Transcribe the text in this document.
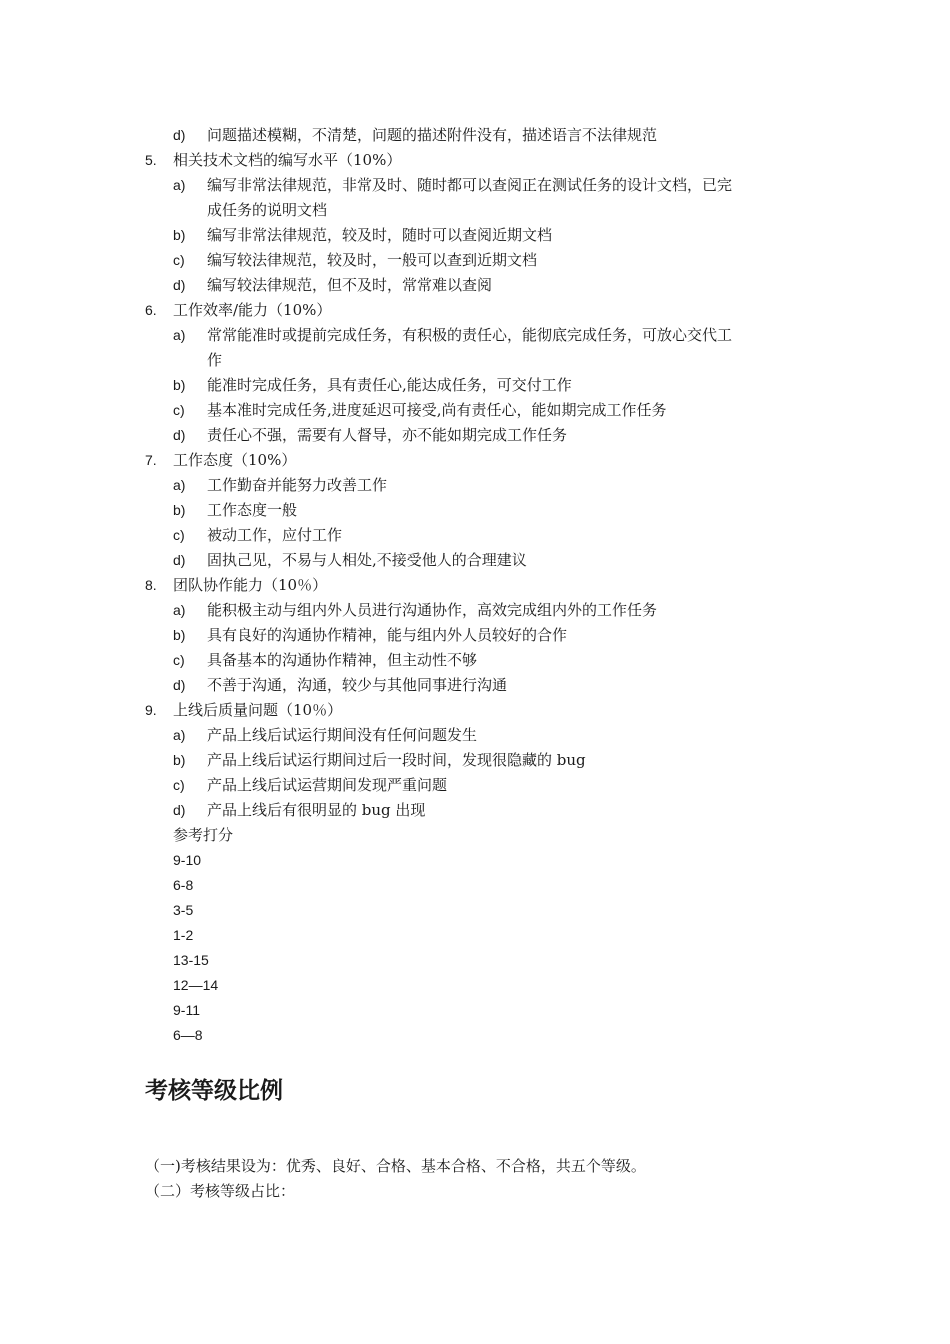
d) 问题描述模糊，不清楚，问题的描述附件没有，描述语言不法律规范
5. 相关技术文档的编写水平（10%）
a) 编写非常法律规范，非常及时、随时都可以查阅正在测试任务的设计文档，已完
成任务的说明文档
b) 编写非常法律规范，较及时，随时可以查阅近期文档
c) 编写较法律规范，较及时，一般可以查到近期文档
d) 编写较法律规范，但不及时，常常难以查阅
6. 工作效率/能力（10%）
a) 常常能准时或提前完成任务，有积极的责任心，能彻底完成任务，可放心交代工
作
b) 能准时完成任务，具有责任心,能达成任务，可交付工作
c) 基本准时完成任务,进度延迟可接受,尚有责任心，能如期完成工作任务
d) 责任心不强，需要有人督导，亦不能如期完成工作任务
7. 工作态度（10%）
a) 工作勤奋并能努力改善工作
b) 工作态度一般
c) 被动工作，应付工作
d) 固执己见，不易与人相处,不接受他人的合理建议
8. 团队协作能力（10％）
a) 能积极主动与组内外人员进行沟通协作，高效完成组内外的工作任务
b) 具有良好的沟通协作精神，能与组内外人员较好的合作
c) 具备基本的沟通协作精神，但主动性不够
d) 不善于沟通，沟通，较少与其他同事进行沟通
9. 上线后质量问题（10％）
a) 产品上线后试运行期间没有任何问题发生
b) 产品上线后试运行期间过后一段时间，发现很隐藏的 bug
c) 产品上线后试运营期间发现严重问题
d) 产品上线后有很明显的 bug 出现
参考打分
9-10
6-8
3-5
1-2
13-15
12—14
9-11
6—8
考核等级比例
（一)考核结果设为：优秀、良好、合格、基本合格、不合格，共五个等级。
（二）考核等级占比：
